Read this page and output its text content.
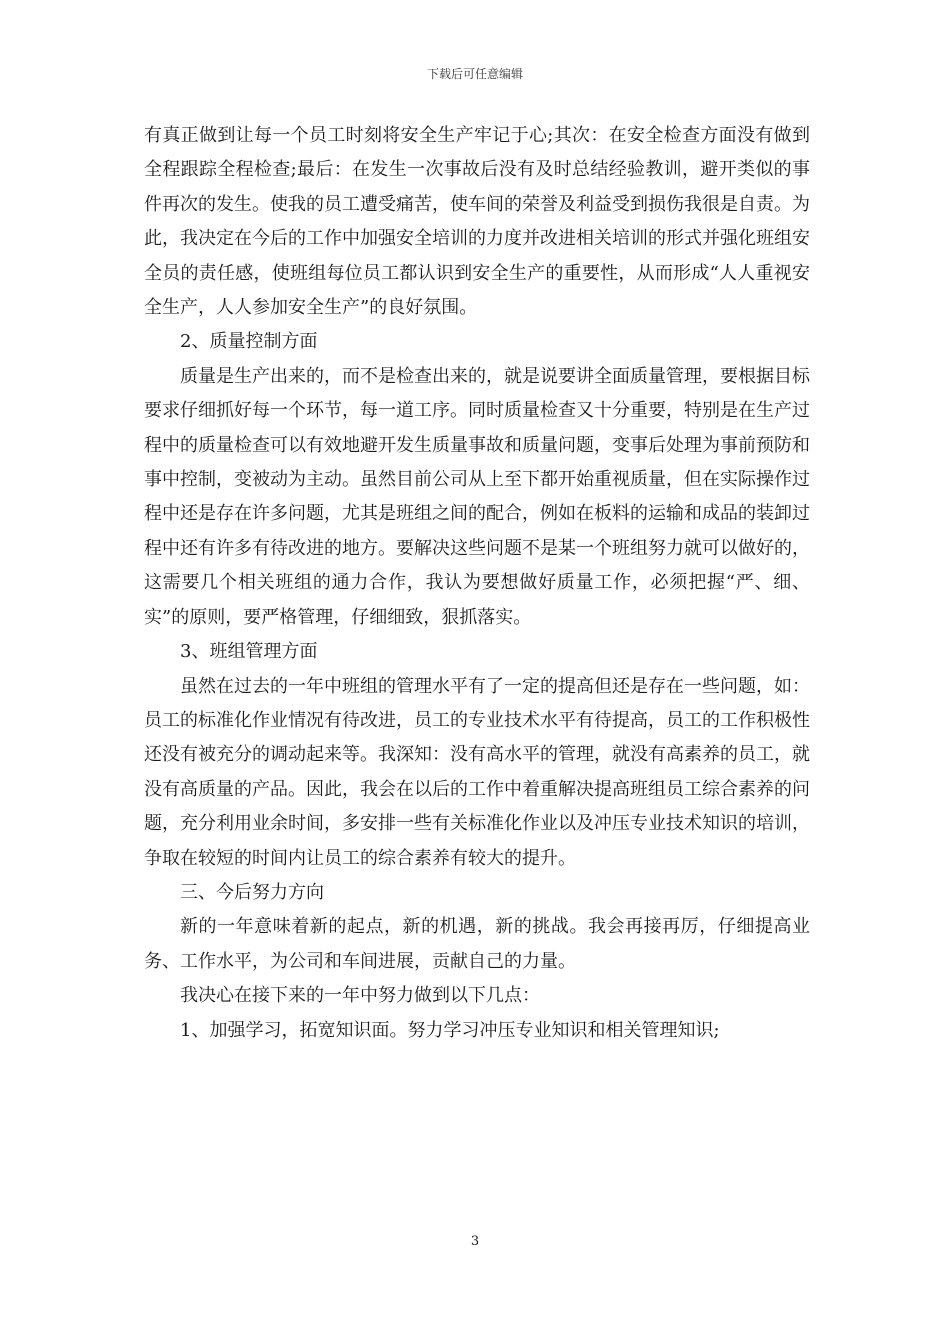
下载后可任意编辑

有真正做到让每一个员工时刻将安全生产牢记于心;其次：在安全检查方面没有做到全程跟踪全程检查;最后：在发生一次事故后没有及时总结经验教训，避开类似的事件再次的发生。使我的员工遭受痛苦，使车间的荣誉及利益受到损伤我很是自责。为此，我决定在今后的工作中加强安全培训的力度并改进相关培训的形式并强化班组安全员的责任感，使班组每位员工都认识到安全生产的重要性，从而形成“人人重视安全生产，人人参加安全生产”的良好氛围。

2、质量控制方面

质量是生产出来的，而不是检查出来的，就是说要讲全面质量管理，要根据目标要求仔细抓好每一个环节，每一道工序。同时质量检查又十分重要，特别是在生产过程中的质量检查可以有效地避开发生质量事故和质量问题，变事后处理为事前预防和事中控制，变被动为主动。虽然目前公司从上至下都开始重视质量，但在实际操作过程中还是存在许多问题，尤其是班组之间的配合，例如在板料的运输和成品的装卸过程中还有许多有待改进的地方。要解决这些问题不是某一个班组努力就可以做好的，这需要几个相关班组的通力合作，我认为要想做好质量工作，必须把握“严、细、实”的原则，要严格管理，仔细细致，狠抓落实。

3、班组管理方面

虽然在过去的一年中班组的管理水平有了一定的提高但还是存在一些问题，如：员工的标准化作业情况有待改进，员工的专业技术水平有待提高，员工的工作积极性还没有被充分的调动起来等。我深知：没有高水平的管理，就没有高素养的员工，就没有高质量的产品。因此，我会在以后的工作中着重解决提高班组员工综合素养的问题，充分利用业余时间，多安排一些有关标准化作业以及冲压专业技术知识的培训，争取在较短的时间内让员工的综合素养有较大的提升。

三、今后努力方向

新的一年意味着新的起点，新的机遇，新的挑战。我会再接再厉，仔细提高业务、工作水平，为公司和车间进展，贡献自己的力量。

我决心在接下来的一年中努力做到以下几点：

1、加强学习，拓宽知识面。努力学习冲压专业知识和相关管理知识;

3
